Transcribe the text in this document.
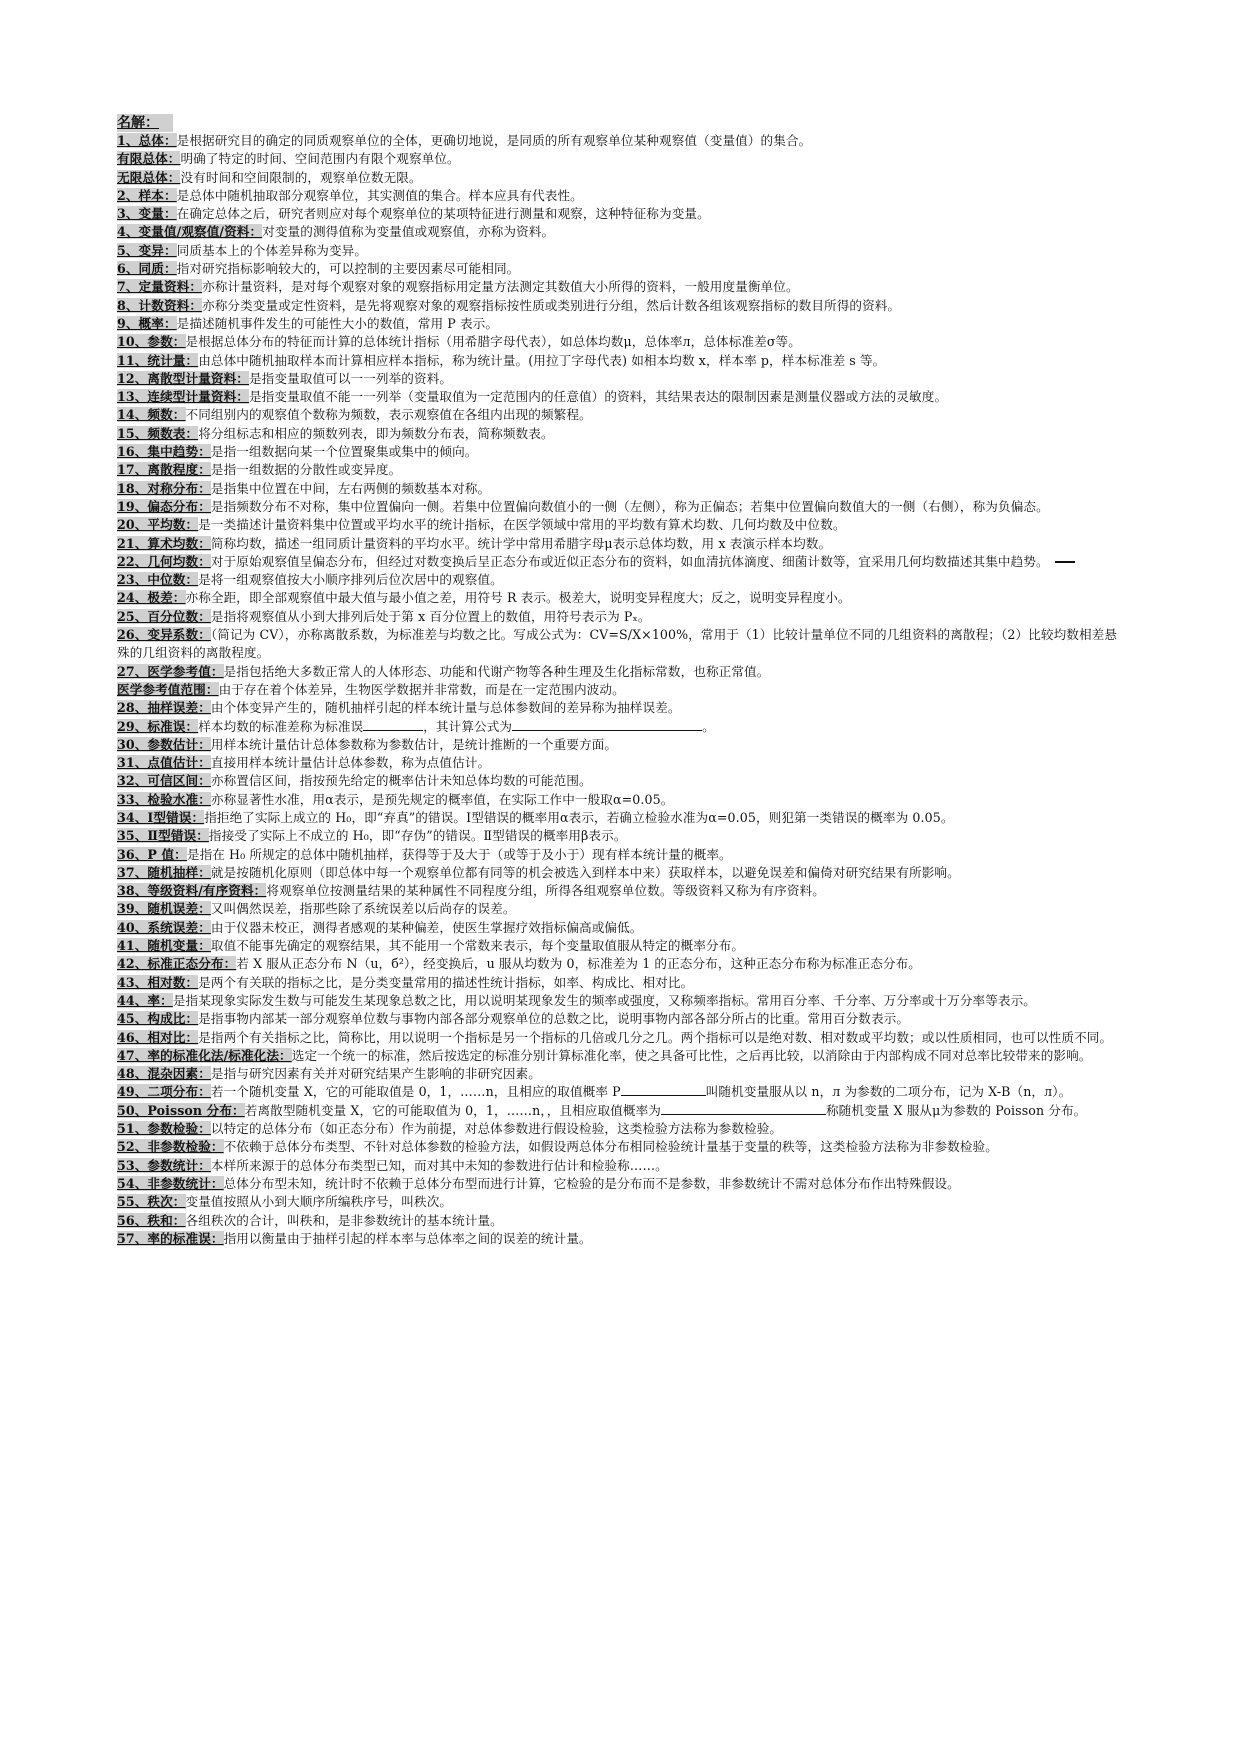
名解：

1、总体：是根据研究目的确定的同质观察单位的全体，更确切地说，是同质的所有观察单位某种观察值（变量值）的集合。

有限总体：明确了特定的时间、空间范围内有限个观察单位。

无限总体：没有时间和空间限制的，观察单位数无限。

2、样本：是总体中随机抽取部分观察单位，其实测值的集合。样本应具有代表性。

3、变量：在确定总体之后，研究者则应对每个观察单位的某项特征进行测量和观察，这种特征称为变量。

4、变量值/观察值/资料：对变量的测得值称为变量值或观察值，亦称为资料。

5、变异：同质基本上的个体差异称为变异。

6、同质：指对研究指标影响较大的，可以控制的主要因素尽可能相同。

7、定量资料：亦称计量资料，是对每个观察对象的观察指标用定量方法测定其数值大小所得的资料，一般用度量衡单位。

8、计数资料：亦称分类变量或定性资料，是先将观察对象的观察指标按性质或类别进行分组，然后计数各组该观察指标的数目所得的资料。

9、概率：是描述随机事件发生的可能性大小的数值，常用 P 表示。

10、参数：是根据总体分布的特征而计算的总体统计指标（用希腊字母代表），如总体均数μ，总体率л，总体标准差σ等。

11、统计量：由总体中随机抽取样本而计算相应样本指标，称为统计量。(用拉丁字母代表) 如相本均数 x，样本率 p，样本标准差 s 等。

12、离散型计量资料：是指变量取值可以一一列举的资料。

13、连续型计量资料：是指变量取值不能一一列举（变量取值为一定范围内的任意值）的资料，其结果表达的限制因素是测量仪器或方法的灵敏度。

14、频数：不同组别内的观察值个数称为频数，表示观察值在各组内出现的频繁程。

15、频数表：将分组标志和相应的频数列表，即为频数分布表，简称频数表。

16、集中趋势：是指一组数据向某一个位置聚集或集中的倾向。

17、离散程度：是指一组数据的分散性或变异度。

18、对称分布：是指集中位置在中间，左右两侧的频数基本对称。

19、偏态分布：是指频数分布不对称，集中位置偏向一侧。若集中位置偏向数值小的一侧（左侧），称为正偏态；若集中位置偏向数值大的一侧（右侧），称为负偏态。

20、平均数：是一类描述计量资料集中位置或平均水平的统计指标，在医学领域中常用的平均数有算术均数、几何均数及中位数。

21、算术均数：简称均数，描述一组同质计量资料的平均水平。统计学中常用希腊字母μ表示总体均数，用 x 表演示样本均数。

22、几何均数：对于原始观察值呈偏态分布，但经过对数变换后呈正态分布或近似正态分布的资料，如血清抗体滴度、细菌计数等，宜采用几何均数描述其集中趋势。

23、中位数：是将一组观察值按大小顺序排列后位次居中的观察值。

24、极差：亦称全距，即全部观察值中最大值与最小值之差，用符号 R 表示。极差大，说明变异程度大；反之，说明变异程度小。

25、百分位数：是指将观察值从小到大排列后处于第 x 百分位置上的数值，用符号表示为 Pₓ。

26、变异系数：（简记为 CV），亦称离散系数，为标准差与均数之比。写成公式为：CV=S/X×100%，常用于（1）比较计量单位不同的几组资料的离散程；（2）比较均数相差悬殊的几组资料的离散程度。

27、医学参考值：是指包括绝大多数正常人的人体形态、功能和代谢产物等各种生理及生化指标常数，也称正常值。

医学参考值范围：由于存在着个体差异，生物医学数据并非常数，而是在一定范围内波动。

28、抽样误差：由个体变异产生的，随机抽样引起的样本统计量与总体参数间的差异称为抽样误差。

29、标准误：样本均数的标准差称为标准误	，其计算公式为	。

30、参数估计：用样本统计量估计总体参数称为参数估计，是统计推断的一个重要方面。

31、点值估计：直接用样本统计量估计总体参数，称为点值估计。

32、可信区间：亦称置信区间，指按预先给定的概率估计未知总体均数的可能范围。

33、检验水准：亦称显著性水准，用α表示，是预先规定的概率值，在实际工作中一般取α=0.05。

34、Ⅰ型错误：指拒绝了实际上成立的 H₀，即“弃真”的错误。Ⅰ型错误的概率用α表示，若确立检验水准为α=0.05，则犯第一类错误的概率为 0.05。

35、Ⅱ型错误：指接受了实际上不成立的 H₀，即“存伪”的错误。Ⅱ型错误的概率用β表示。

36、P 值：是指在 H₀ 所规定的总体中随机抽样，获得等于及大于（或等于及小于）现有样本统计量的概率。

37、随机抽样：就是按随机化原则（即总体中每一个观察单位都有同等的机会被选入到样本中来）获取样本，以避免误差和偏倚对研究结果有所影响。

38、等级资料/有序资料：将观察单位按测量结果的某种属性不同程度分组，所得各组观察单位数。等级资料又称为有序资料。

39、随机误差：又叫偶然误差，指那些除了系统误差以后尚存的误差。

40、系统误差：由于仪器未校正，测得者感观的某种偏差，使医生掌握疗效指标偏高或偏低。

41、随机变量：取值不能事先确定的观察结果，其不能用一个常数来表示，每个变量取值服从特定的概率分布。

42、标准正态分布：若 X 服从正态分布 N（u，б²），经变换后，u 服从均数为 0，标准差为 1 的正态分布，这种正态分布称为标准正态分布。

43、相对数：是两个有关联的指标之比，是分类变量常用的描述性统计指标，如率、构成比、相对比。

44、率：是指某现象实际发生数与可能发生某现象总数之比，用以说明某现象发生的频率或强度，又称频率指标。常用百分率、千分率、万分率或十万分率等表示。

45、构成比：是指事物内部某一部分观察单位数与事物内部各部分观察单位的总数之比，说明事物内部各部分所占的比重。常用百分数表示。

46、相对比：是指两个有关指标之比，简称比，用以说明一个指标是另一个指标的几倍或几分之几。两个指标可以是绝对数、相对数或平均数；或以性质相同，也可以性质不同。

47、率的标准化法/标准化法：选定一个统一的标准，然后按选定的标准分别计算标准化率，使之具备可比性，之后再比较，以消除由于内部构成不同对总率比较带来的影响。

48、混杂因素：是指与研究因素有关并对研究结果产生影响的非研究因素。

49、二项分布：若一个随机变量 X，它的可能取值是 0，1，……n，且相应的取值概率 P	叫随机变量服从以 n，л 为参数的二项分布，记为 X-B（n，л）。

50、Poisson 分布：若离散型随机变量 X，它的可能取值为 0，1，……n，，且相应取值概率为	称随机变量 X 服从μ为参数的 Poisson 分布。

51、参数检验：以特定的总体分布（如正态分布）作为前提，对总体参数进行假设检验，这类检验方法称为参数检验。

52、非参数检验：不依赖于总体分布类型、不针对总体参数的检验方法，如假设两总体分布相同检验统计量基于变量的秩等，这类检验方法称为非参数检验。

53、参数统计：本样所来源于的总体分布类型已知，而对其中未知的参数进行估计和检验称……。

54、非参数统计：总体分布型未知，统计时不依赖于总体分布型而进行计算，它检验的是分布而不是参数，非参数统计不需对总体分布作出特殊假设。

55、秩次：变量值按照从小到大顺序所编秩序号，叫秩次。

56、秩和：各组秩次的合计，叫秩和，是非参数统计的基本统计量。

57、率的标准误：指用以衡量由于抽样引起的样本率与总体率之间的误差的统计量。
